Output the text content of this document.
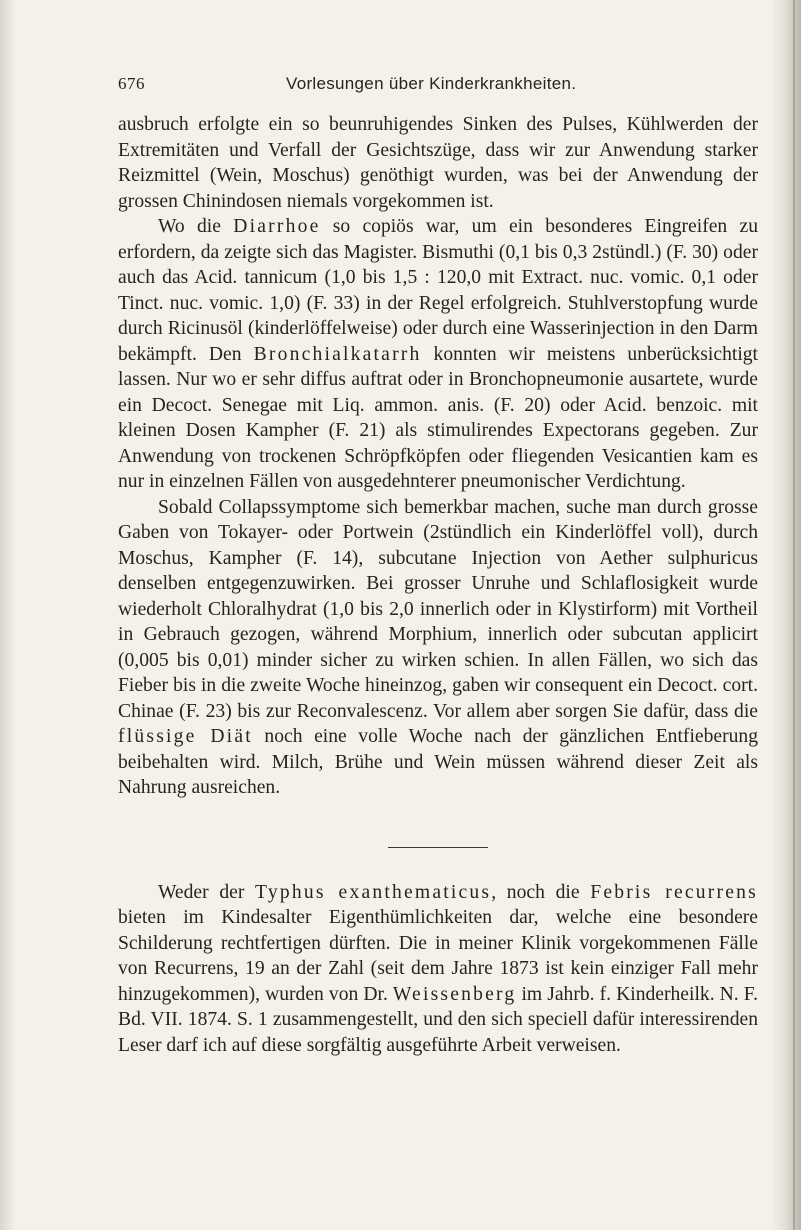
676	Vorlesungen über Kinderkrankheiten.

ausbruch erfolgte ein so beunruhigendes Sinken des Pulses, Kühlwerden der Extremitäten und Verfall der Gesichtszüge, dass wir zur Anwendung starker Reizmittel (Wein, Moschus) genöthigt wurden, was bei der Anwendung der grossen Chinindosen niemals vorgekommen ist.

Wo die Diarrhoe so copiös war, um ein besonderes Eingreifen zu erfordern, da zeigte sich das Magister. Bismuthi (0,1 bis 0,3 2stündl.) (F. 30) oder auch das Acid. tannicum (1,0 bis 1,5 : 120,0 mit Extract. nuc. vomic. 0,1 oder Tinct. nuc. vomic. 1,0) (F. 33) in der Regel erfolgreich. Stuhlverstopfung wurde durch Ricinusöl (kinderlöffelweise) oder durch eine Wasserinjection in den Darm bekämpft. Den Bronchialkatarrh konnten wir meistens unberücksichtigt lassen. Nur wo er sehr diffus auftrat oder in Bronchopneumonie ausartete, wurde ein Decoct. Senegae mit Liq. ammon. anis. (F. 20) oder Acid. benzoic. mit kleinen Dosen Kampher (F. 21) als stimulirendes Expectorans gegeben. Zur Anwendung von trockenen Schröpfköpfen oder fliegenden Vesicantien kam es nur in einzelnen Fällen von ausgedehnterer pneumonischer Verdichtung.

Sobald Collapssymptome sich bemerkbar machen, suche man durch grosse Gaben von Tokayer- oder Portwein (2stündlich ein Kinderlöffel voll), durch Moschus, Kampher (F. 14), subcutane Injection von Aether sulphuricus denselben entgegenzuwirken. Bei grosser Unruhe und Schlaflosigkeit wurde wiederholt Chloralhydrat (1,0 bis 2,0 innerlich oder in Klystirform) mit Vortheil in Gebrauch gezogen, während Morphium, innerlich oder subcutan applicirt (0,005 bis 0,01) minder sicher zu wirken schien. In allen Fällen, wo sich das Fieber bis in die zweite Woche hineinzog, gaben wir consequent ein Decoct. cort. Chinae (F. 23) bis zur Reconvalescenz. Vor allem aber sorgen Sie dafür, dass die flüssige Diät noch eine volle Woche nach der gänzlichen Entfieberung beibehalten wird. Milch, Brühe und Wein müssen während dieser Zeit als Nahrung ausreichen.

Weder der Typhus exanthematicus, noch die Febris recurrens bieten im Kindesalter Eigenthümlichkeiten dar, welche eine besondere Schilderung rechtfertigen dürften. Die in meiner Klinik vorgekommenen Fälle von Recurrens, 19 an der Zahl (seit dem Jahre 1873 ist kein einziger Fall mehr hinzugekommen), wurden von Dr. Weissenberg im Jahrb. f. Kinderheilk. N. F. Bd. VII. 1874. S. 1 zusammengestellt, und den sich speciell dafür interessirenden Leser darf ich auf diese sorgfältig ausgeführte Arbeit verweisen.
